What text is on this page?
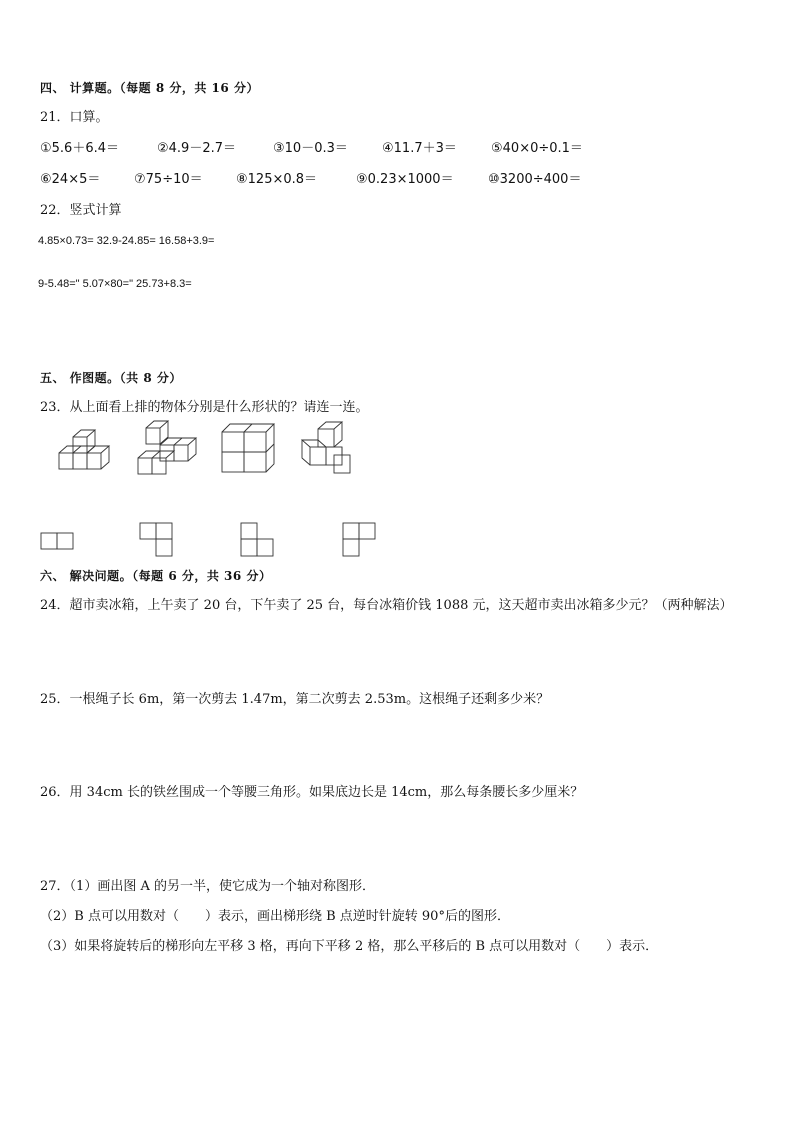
四、 计算题。（每题 8 分，共 16 分）
21．口算。
①5.6＋6.4＝	②4.9－2.7＝	③10－0.3＝	④11.7＋3＝	⑤40×0÷0.1＝
⑥24×5＝	⑦75÷10＝	⑧125×0.8＝	⑨0.23×1000＝	⑩3200÷400＝
22．竖式计算
4.85×0.73= 32.9-24.85= 16.58+3.9=
9-5.48=" 5.07×80=" 25.73+8.3=
五、 作图题。（共 8 分）
23．从上面看上排的物体分别是什么形状的？请连一连。
六、 解决问题。（每题 6 分，共 36 分）
24．超市卖冰箱，上午卖了 20 台，下午卖了 25 台，每台冰箱价钱 1088 元，这天超市卖出冰箱多少元？（两种解法）
25．一根绳子长 6m，第一次剪去 1.47m，第二次剪去 2.53m。这根绳子还剩多少米？
26．用 34cm 长的铁丝围成一个等腰三角形。如果底边长是 14cm，那么每条腰长多少厘米？
27．（1）画出图 A 的另一半，使它成为一个轴对称图形．
（2）B 点可以用数对（　　）表示，画出梯形绕 B 点逆时针旋转 90°后的图形．
（3）如果将旋转后的梯形向左平移 3 格，再向下平移 2 格，那么平移后的 B 点可以用数对（　　）表示．
